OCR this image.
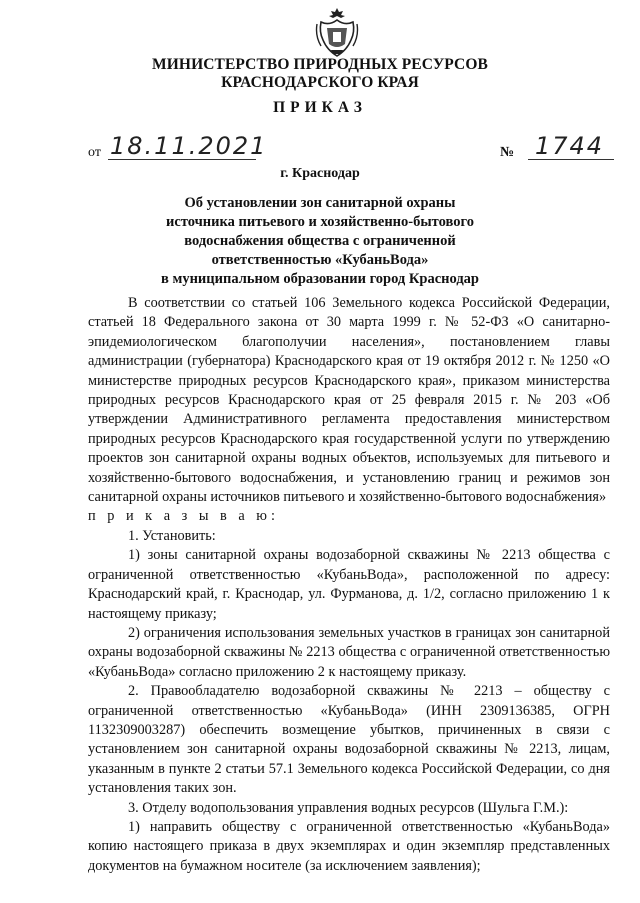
МИНИСТЕРСТВО ПРИРОДНЫХ РЕСУРСОВ
КРАСНОДАРСКОГО КРАЯ
ПРИКАЗ
от 18.11.2021	№ 1744
г. Краснодар
Об установлении зон санитарной охраны
источника питьевого и хозяйственно-бытового
водоснабжения общества с ограниченной
ответственностью «КубаньВода»
в муниципальном образовании город Краснодар

В соответствии со статьей 106 Земельного кодекса Российской Федерации, статьей 18 Федерального закона от 30 марта 1999 г. № 52-ФЗ «О санитарно-эпидемиологическом благополучии населения», постановлением главы администрации (губернатора) Краснодарского края от 19 октября 2012 г. № 1250 «О министерстве природных ресурсов Краснодарского края», приказом министерства природных ресурсов Краснодарского края от 25 февраля 2015 г. № 203 «Об утверждении Административного регламента предоставления министерством природных ресурсов Краснодарского края государственной услуги по утверждению проектов зон санитарной охраны водных объектов, используемых для питьевого и хозяйственно-бытового водоснабжения, и установлению границ и режимов зон санитарной охраны источников питьевого и хозяйственно-бытового водоснабжения»

п р и к а з ы в а ю:

1. Установить:

1) зоны санитарной охраны водозаборной скважины № 2213 общества с ограниченной ответственностью «КубаньВода», расположенной по адресу: Краснодарский край, г. Краснодар, ул. Фурманова, д. 1/2, согласно приложению 1 к настоящему приказу;

2) ограничения использования земельных участков в границах зон санитарной охраны водозаборной скважины № 2213 общества с ограниченной ответственностью «КубаньВода» согласно приложению 2 к настоящему приказу.

2. Правообладателю водозаборной скважины № 2213 – обществу с ограниченной ответственностью «КубаньВода» (ИНН 2309136385, ОГРН 1132309003287) обеспечить возмещение убытков, причиненных в связи с установлением зон санитарной охраны водозаборной скважины № 2213, лицам, указанным в пункте 2 статьи 57.1 Земельного кодекса Российской Федерации, со дня установления таких зон.

3. Отделу водопользования управления водных ресурсов (Шульга Г.М.):

1) направить обществу с ограниченной ответственностью «КубаньВода» копию настоящего приказа в двух экземплярах и один экземпляр представленных документов на бумажном носителе (за исключением заявления);
